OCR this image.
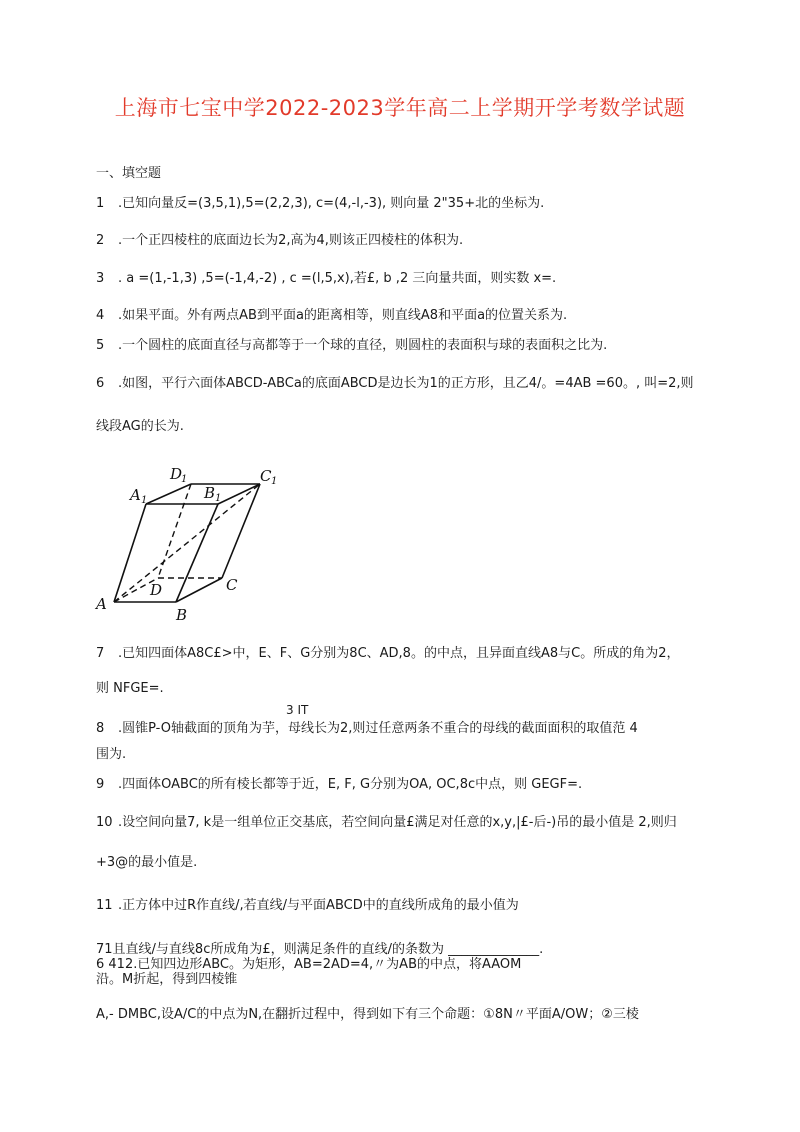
上海市七宝中学2022-2023学年高二上学期开学考数学试题
一、填空题
1 .已知向量反=(3,5,1),5=(2,2,3), c=(4,-l,-3), 则向量 2"35+北的坐标为.
2 .一个正四棱柱的底面边长为2,高为4,则该正四棱柱的体积为.
3 . a =(1,-1,3) ,5=(-1,4,-2) , c =(l,5,x),若£, b ,2 三向量共面，则实数 x=.
4 .如果平面。外有两点AB到平面a的距离相等，则直线A8和平面a的位置关系为.
5 .一个圆柱的底面直径与高都等于一个球的直径，则圆柱的表面积与球的表面积之比为.
6 .如图，平行六面体ABCD-ABCa的底面ABCD是边长为1的正方形，且乙4/。=4AB =60。, 叫=2,则
线段AG的长为.
A
B
C
D
A 1	B 1
C 1
D
1
7 .已知四面体A8C£>中，E、F、G分别为8C、AD,8。的中点，且异面直线A8与C。所成的角为2，
则 NFGE=.
3 IT
8 .圆锥P-O轴截面的顶角为芋，母线长为2,则过任意两条不重合的母线的截面面积的取值范 4
围为.
9 .四面体OABC的所有棱长都等于近，E, F, G分别为OA, OC,8c中点，则 GEGF=.
10 .设空间向量7, k是一组单位正交基底，若空间向量£满足对任意的x,y,|£-后-)吊的最小值是 2,则归
+3@的最小值是.
11 .正方体中过R作直线/,若直线/与平面ABCD中的直线所成角的最小值为
71且直线/与直线8c所成角为£，则满足条件的直线/的条数为 ______________.
6 412.已知四边形ABC。为矩形，AB=2AD=4,〃为AB的中点，将AAOM
沿。M折起，得到四棱锥
A,- DMBC,设A/C的中点为N,在翻折过程中，得到如下有三个命题：①8N〃平面A/OW；②三棱
